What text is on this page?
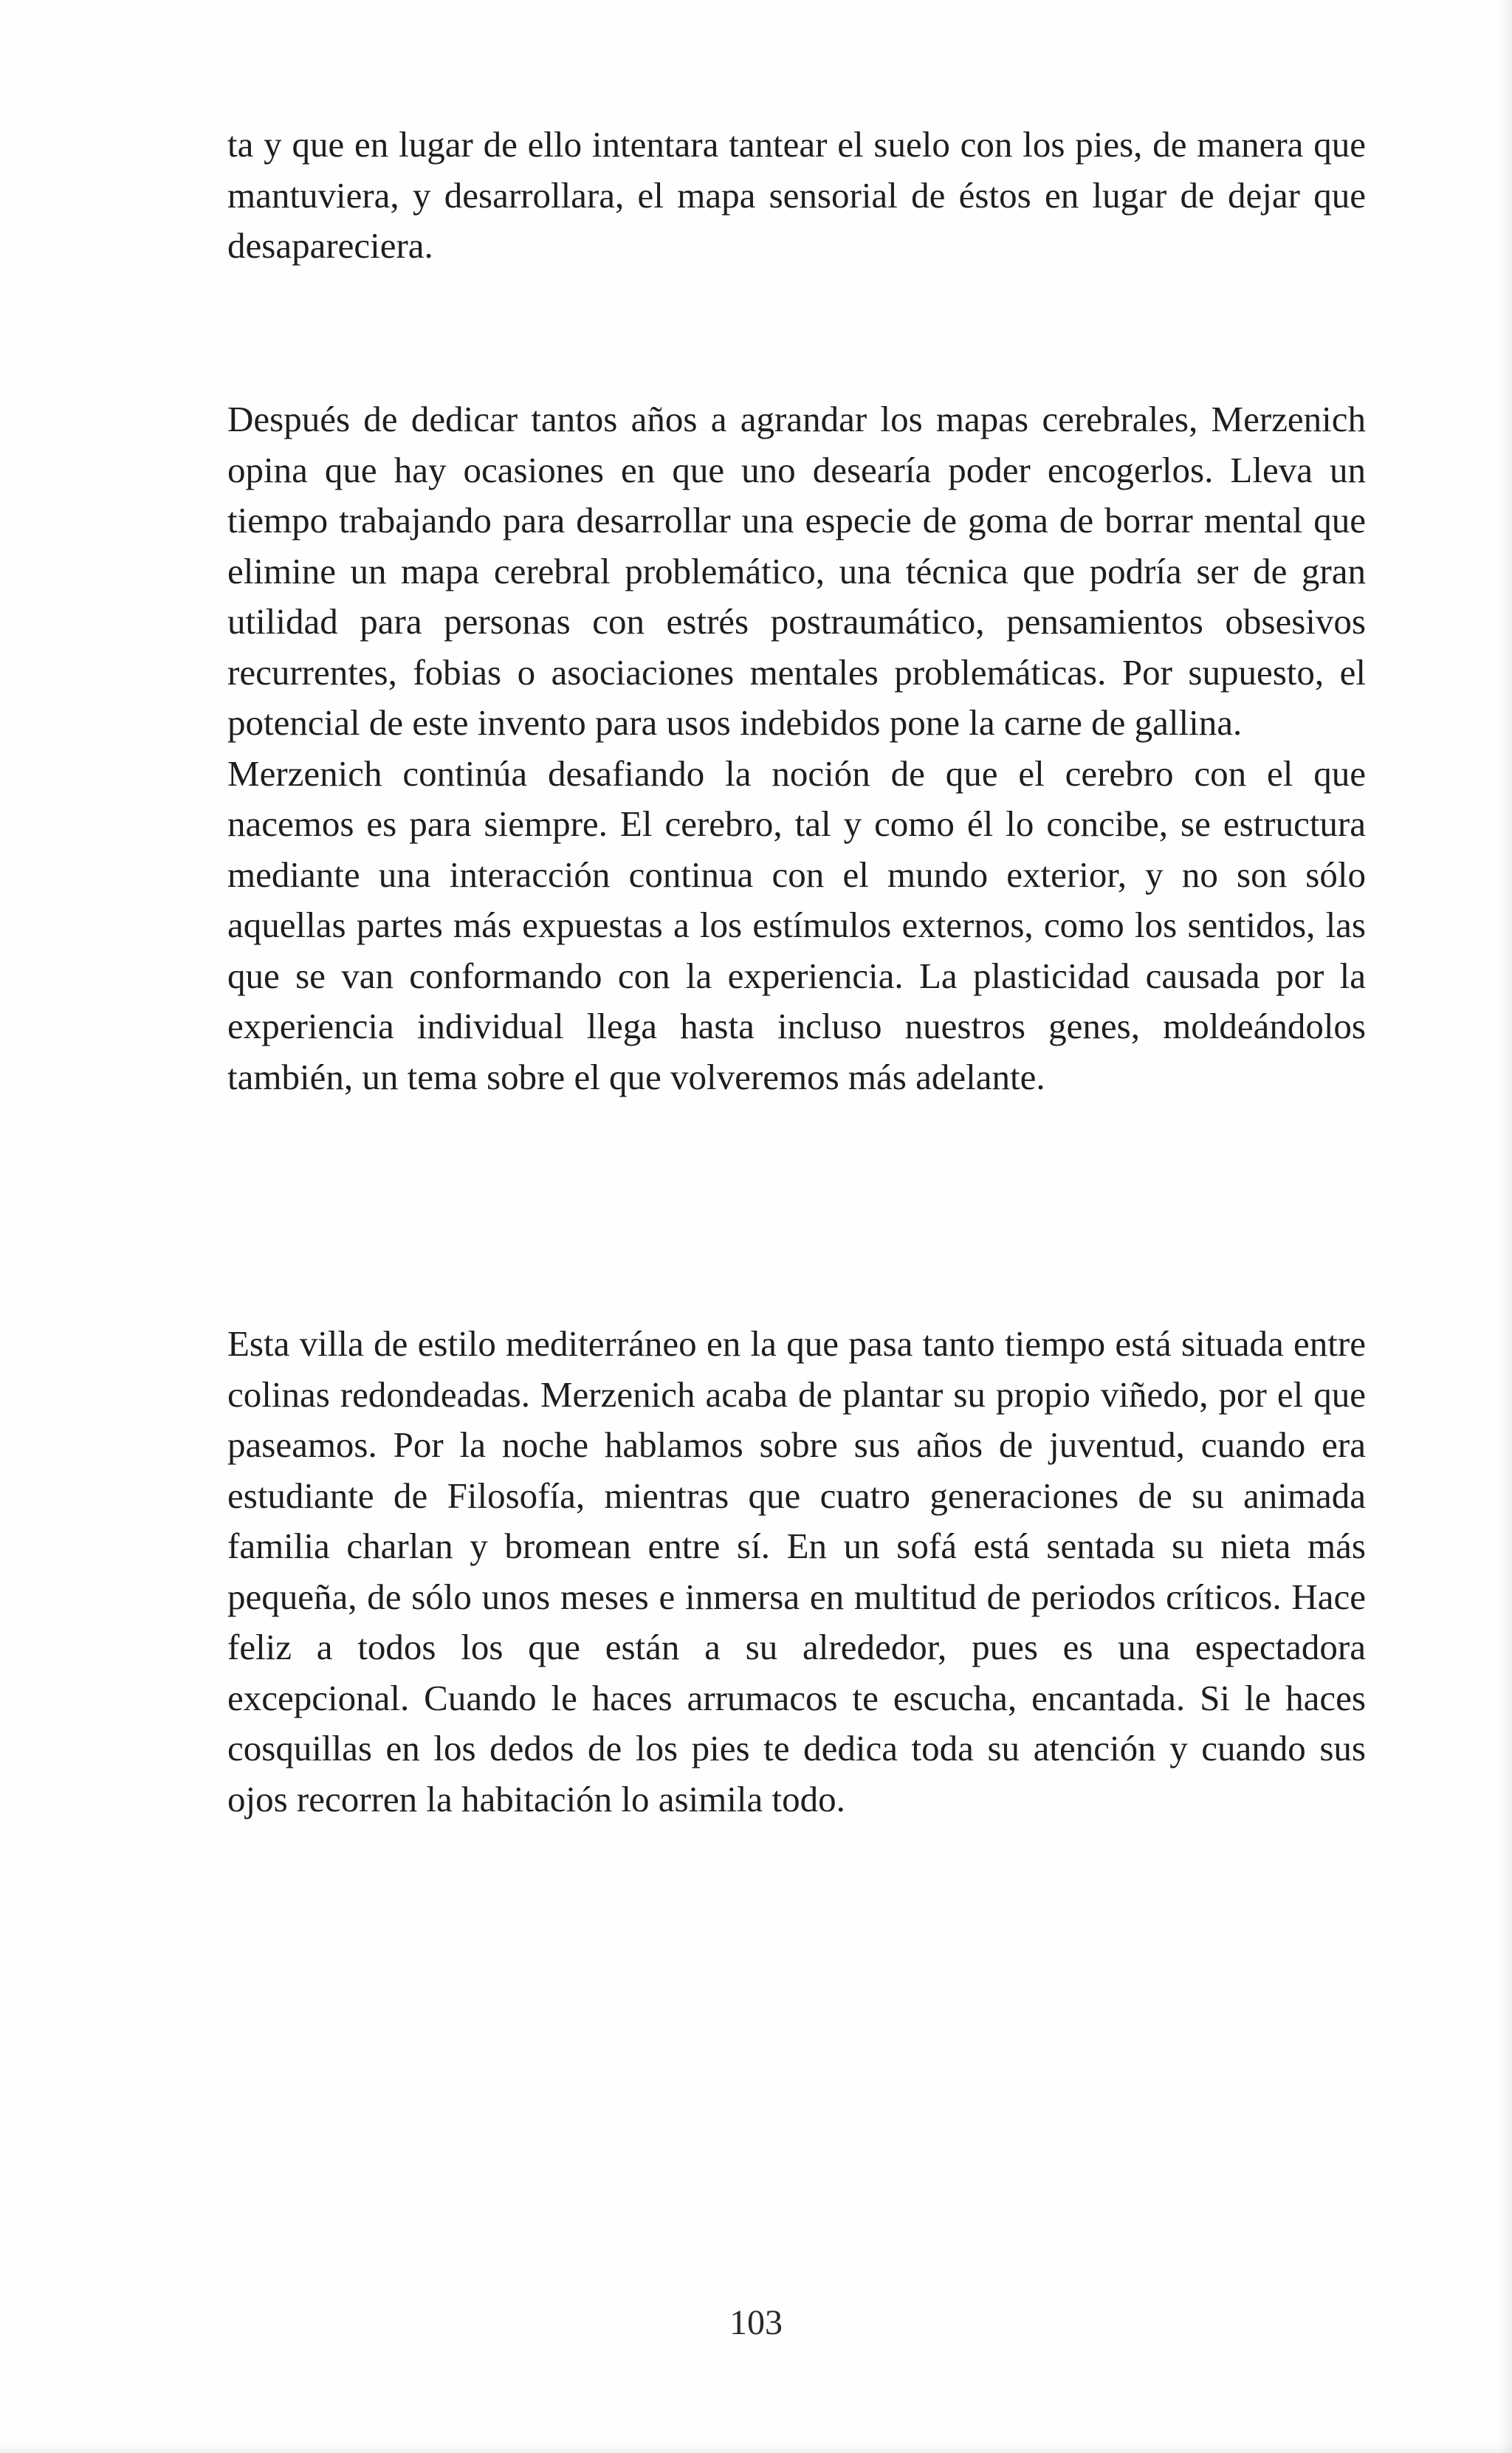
ta y que en lugar de ello intentara tantear el suelo con los pies, de manera que mantuviera, y desarrollara, el mapa sensorial de éstos en lugar de dejar que desapareciera.

Después de dedicar tantos años a agrandar los mapas cerebrales, Merzenich opina que hay ocasiones en que uno desearía poder encogerlos. Lleva un tiempo trabajando para desarrollar una especie de goma de borrar mental que elimine un mapa cerebral problemático, una técnica que podría ser de gran utilidad para personas con estrés postraumático, pensamientos obsesivos recurrentes, fobias o asociaciones mentales problemáticas. Por supuesto, el potencial de este invento para usos indebidos pone la carne de gallina.

Merzenich continúa desafiando la noción de que el cerebro con el que nacemos es para siempre. El cerebro, tal y como él lo concibe, se estructura mediante una interacción continua con el mundo exterior, y no son sólo aquellas partes más expuestas a los estímulos externos, como los sentidos, las que se van conformando con la experiencia. La plasticidad causada por la experiencia individual llega hasta incluso nuestros genes, moldeándolos también, un tema sobre el que volveremos más adelante.

Esta villa de estilo mediterráneo en la que pasa tanto tiempo está situada entre colinas redondeadas. Merzenich acaba de plantar su propio viñedo, por el que paseamos. Por la noche hablamos sobre sus años de juventud, cuando era estudiante de Filosofía, mientras que cuatro generaciones de su animada familia charlan y bromean entre sí. En un sofá está sentada su nieta más pequeña, de sólo unos meses e inmersa en multitud de periodos críticos. Hace feliz a todos los que están a su alrededor, pues es una espectadora excepcional. Cuando le haces arrumacos te escucha, encantada. Si le haces cosquillas en los dedos de los pies te dedica toda su atención y cuando sus ojos recorren la habitación lo asimila todo.

103
